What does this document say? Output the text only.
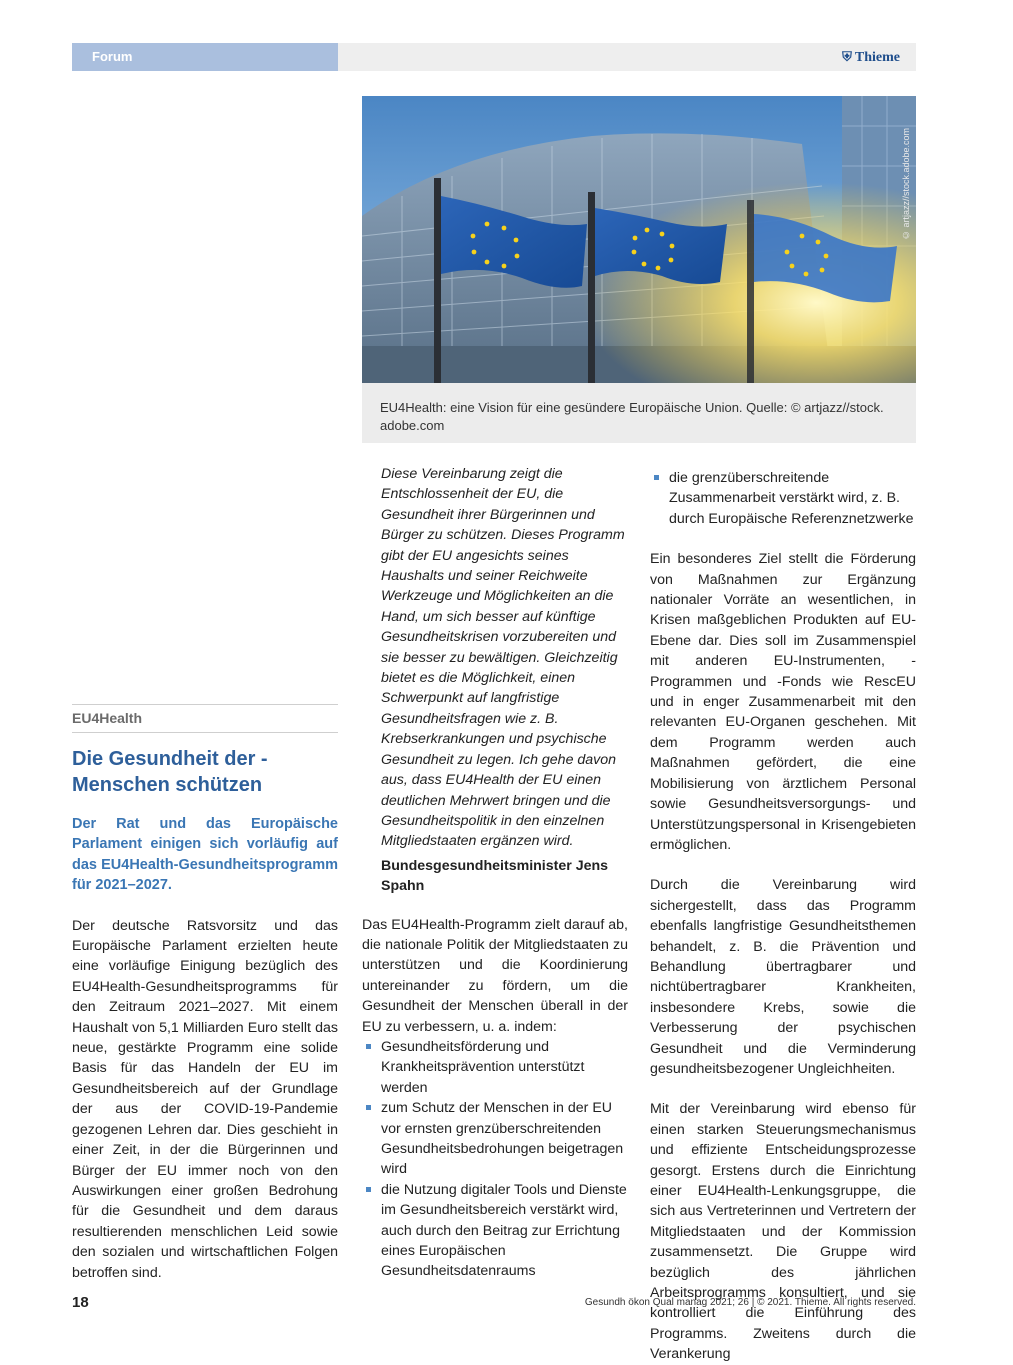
Forum	⛨ Thieme
© artjazz//stock.adobe.com
EU4Health: eine Vision für eine gesündere Europäische Union. Quelle: © artjazz//stock. adobe.com
EU4Health
Die Gesundheit der -
Menschen schützen

Der Rat und das Europäische Parlament einigen sich vorläufig auf das EU4Health-Gesundheitsprogramm für 2021–2027.

Der deutsche Ratsvorsitz und das Europäische Parlament erzielten heute eine vorläufige Einigung bezüglich des EU4Health-Gesundheitsprogramms für den Zeitraum 2021–2027. Mit einem Haushalt von 5,1 Milliarden Euro stellt das neue, gestärkte Programm eine solide Basis für das Handeln der EU im Gesundheitsbereich auf der Grundlage der aus der COVID-19-Pandemie gezogenen Lehren dar. Dies geschieht in einer Zeit, in der die Bürgerinnen und Bürger der EU immer noch von den Auswirkungen einer großen Bedrohung für die Gesundheit und dem daraus resultierenden menschlichen Leid sowie den sozialen und wirtschaftlichen Folgen betroffen sind.

Diese Vereinbarung zeigt die Entschlossenheit der EU, die Gesundheit ihrer Bürgerinnen und Bürger zu schützen. Dieses Programm gibt der EU angesichts seines Haushalts und seiner Reichweite Werkzeuge und Möglichkeiten an die Hand, um sich besser auf künftige Gesundheitskrisen vorzubereiten und sie besser zu bewältigen. Gleichzeitig bietet es die Möglichkeit, einen Schwerpunkt auf langfristige Gesundheitsfragen wie z. B. Krebserkrankungen und psychische Gesundheit zu legen. Ich gehe davon aus, dass EU4Health der EU einen deutlichen Mehrwert bringen und die Gesundheitspolitik in den einzelnen Mitgliedstaaten ergänzen wird.

Bundesgesundheitsminister Jens Spahn

Das EU4Health-Programm zielt darauf ab, die nationale Politik der Mitgliedstaaten zu unterstützen und die Koordinierung untereinander zu fördern, um die Gesundheit der Menschen überall in der EU zu verbessern, u. a. indem:

Gesundheitsförderung und Krankheitsprävention unterstützt werden
zum Schutz der Menschen in der EU vor ernsten grenzüberschreitenden Gesundheitsbedrohungen beigetragen wird
die Nutzung digitaler Tools und Dienste im Gesundheitsbereich verstärkt wird, auch durch den Beitrag zur Errichtung eines Europäischen Gesundheitsdatenraums
die grenzüberschreitende Zusammenarbeit verstärkt wird, z. B. durch Europäische Referenznetzwerke

Ein besonderes Ziel stellt die Förderung von Maßnahmen zur Ergänzung nationaler Vorräte an wesentlichen, in Krisen maßgeblichen Produkten auf EU-Ebene dar. Dies soll im Zusammenspiel mit anderen EU-Instrumenten, -Programmen und -Fonds wie RescEU und in enger Zusammenarbeit mit den relevanten EU-Organen geschehen. Mit dem Programm werden auch Maßnahmen gefördert, die eine Mobilisierung von ärztlichem Personal sowie Gesundheitsversorgungs- und Unterstützungspersonal in Krisengebieten ermöglichen.

Durch die Vereinbarung wird sichergestellt, dass das Programm ebenfalls langfristige Gesundheitsthemen behandelt, z. B. die Prävention und Behandlung übertragbarer und nichtübertragbarer Krankheiten, insbesondere Krebs, sowie die Verbesserung der psychischen Gesundheit und die Verminderung gesundheitsbezogener Ungleichheiten.

Mit der Vereinbarung wird ebenso für einen starken Steuerungsmechanismus und effiziente Entscheidungsprozesse gesorgt. Erstens durch die Einrichtung einer EU4Health-Lenkungsgruppe, die sich aus Vertreterinnen und Vertretern der Mitgliedstaaten und der Kommission zusammensetzt. Die Gruppe wird bezüglich des jährlichen Arbeitsprogramms konsultiert, und sie kontrolliert die Einführung des Programms. Zweitens durch die Verankerung

18	Gesundh ökon Qual manag 2021; 26 | © 2021. Thieme. All rights reserved.
